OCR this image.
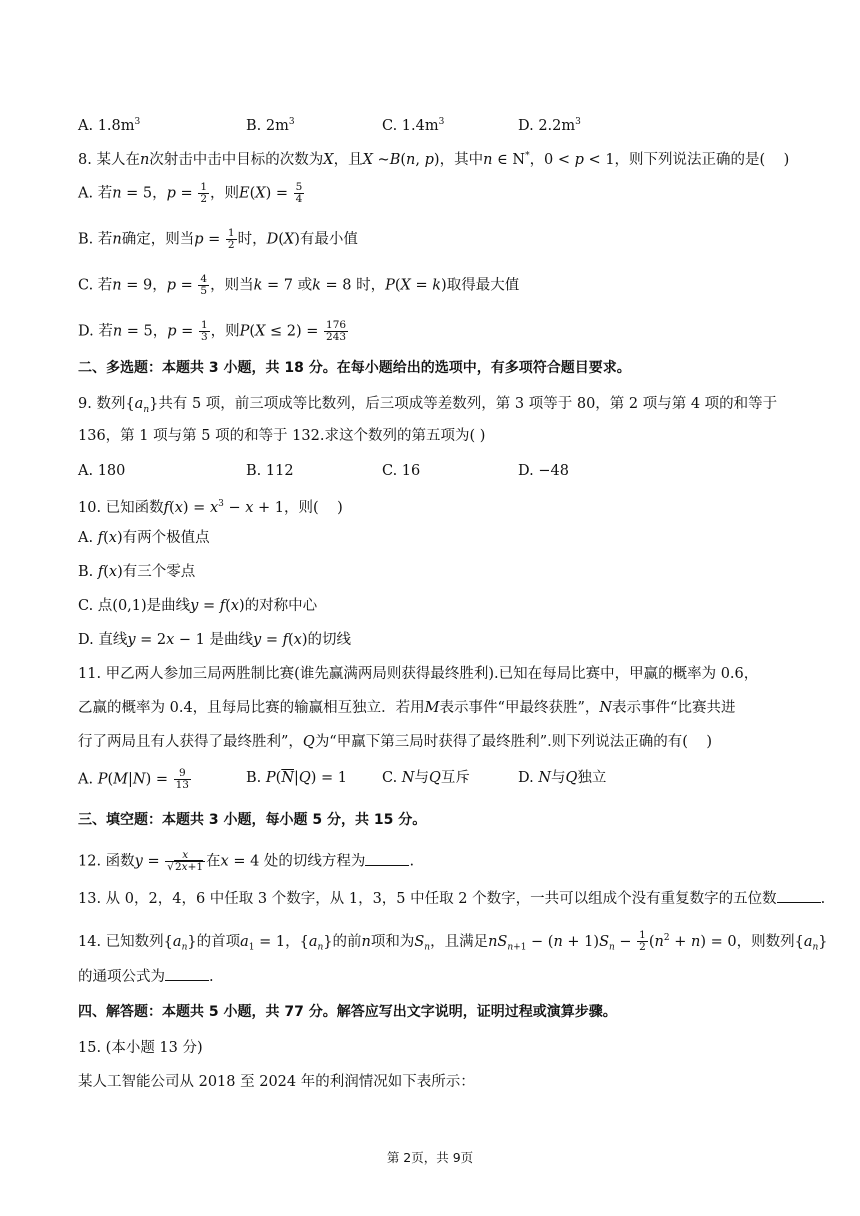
A. $1.8m^3$	B. $2m^3$	C. $1.4m^3$	D. $2.2m^3$
8. 某人在n次射击中击中目标的次数为X，且X ~B(n, p)，其中n ∈ N*，0 < p < 1，则下列说法正确的是(    )
A. 若n = 5，$p = \frac{1}{2}$ ，则$E(X) = \frac{5}{4}$
B. 若n确定，则当$p = \frac{1}{2}$ 时，D(X)有最小值
C. 若n = 9，$p = \frac{4}{5}$ ，则当k = 7 或k = 8 时，P(X = k)取得最大值
D. 若n = 5，$p = \frac{1}{3}$ ，则$P(X \le 2) = \frac{176}{243}$
二、多选题：本题共 3 小题，共 18 分。在每小题给出的选项中，有多项符合题目要求。
9. 数列$\{a_n\}$共有 5 项，前三项成等比数列，后三项成等差数列，第 3 项等于 80，第 2 项与第 4 项的和等于
136，第 1 项与第 5 项的和等于 132.求这个数列的第五项为( )
A. 180	B. 112	C. 16	D. −48
10. 已知函数$f(x) = x^3 - x + 1$，则(    )
A. f(x)有两个极值点
B. f(x)有三个零点
C. 点(0,1)是曲线y = f(x)的对称中心
D. 直线y = 2x − 1 是曲线y = f(x)的切线
11. 甲乙两人参加三局两胜制比赛(谁先赢满两局则获得最终胜利).已知在每局比赛中，甲赢的概率为 0.6，
乙赢的概率为 0.4，且每局比赛的输赢相互独立．若用M表示事件“甲最终获胜”，N表示事件“比赛共进
行了两局且有人获得了最终胜利”，Q为“甲赢下第三局时获得了最终胜利”.则下列说法正确的有(    )
A. $P(M|N) = \frac{9}{13}$	B. $P(\overline{N}|Q) = 1$ C. N与Q互斥	D. N与Q独立
三、填空题：本题共 3 小题，每小题 5 分，共 15 分。
12. 函数$y = \frac{x}{√2x+1}$ 在x = 4 处的切线方程为	.
13. 从 0，2，4，6 中任取 3 个数字，从 1，3，5 中任取 2 个数字，一共可以组成个没有重复数字的五位数	.
14. 已知数列$\{a_n\}$的首项$a_1 = 1$，$\{a_n\}$的前n项和为$S_n$，且满足$nS_{n+1} - (n + 1)S_n - \frac{1}{2} (n^2 + n) = 0$，则数列$\{a_n\}$
的通项公式为	.
四、解答题：本题共 5 小题，共 77 分。解答应写出文字说明，证明过程或演算步骤。
15. (本小题 13 分)
某人工智能公司从 2018 至 2024 年的利润情况如下表所示：
第 2页，共 9页
